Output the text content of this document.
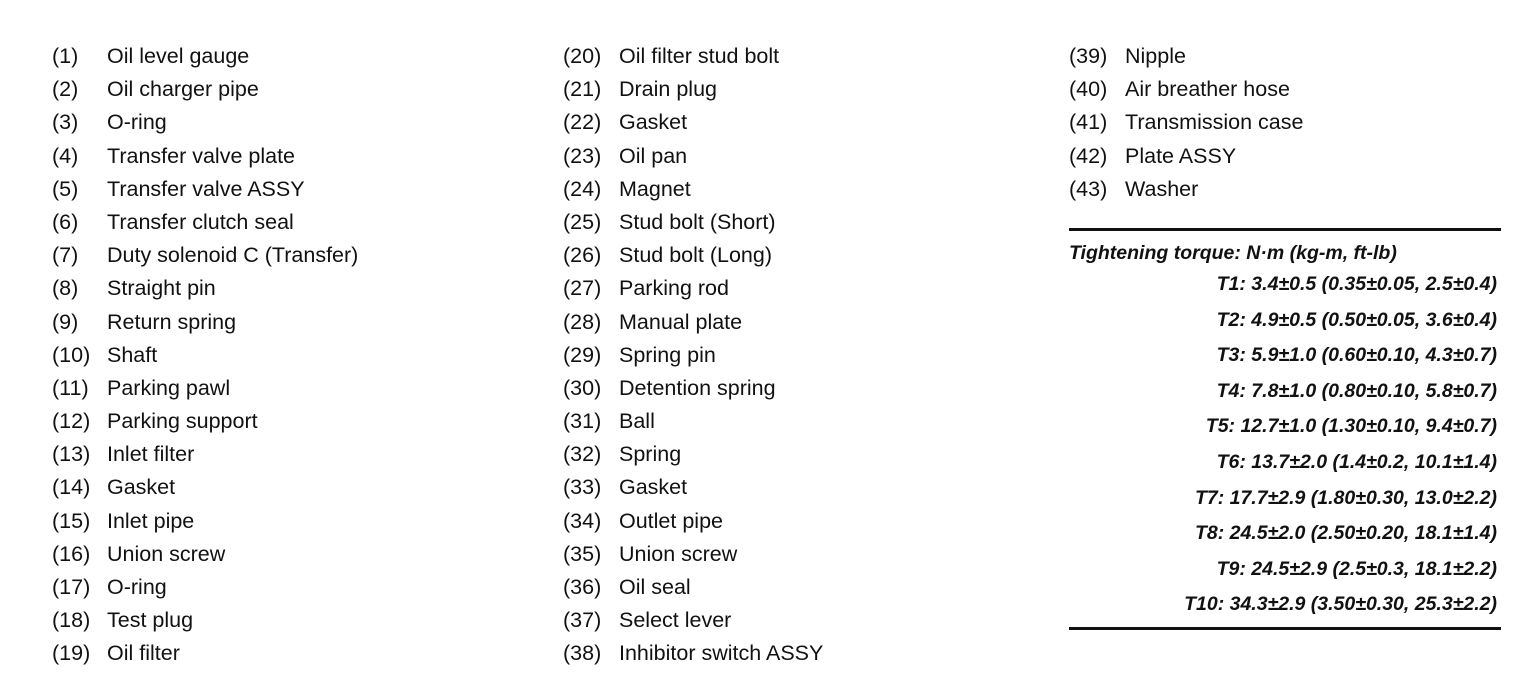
(1)	Oil level gauge
(2)	Oil charger pipe
(3)	O-ring
(4)	Transfer valve plate
(5)	Transfer valve ASSY
(6)	Transfer clutch seal
(7)	Duty solenoid C (Transfer)
(8)	Straight pin
(9)	Return spring
(10) Shaft
(11) Parking pawl
(12) Parking support
(13) Inlet filter
(14) Gasket
(15) Inlet pipe
(16) Union screw
(17) O-ring
(18) Test plug
(19) Oil filter
(20) Oil filter stud bolt
(21) Drain plug
(22) Gasket
(23) Oil pan
(24) Magnet
(25) Stud bolt (Short)
(26) Stud bolt (Long)
(27) Parking rod
(28) Manual plate
(29) Spring pin
(30) Detention spring
(31) Ball
(32) Spring
(33) Gasket
(34) Outlet pipe
(35) Union screw
(36) Oil seal
(37) Select lever
(38) Inhibitor switch ASSY
(39) Nipple
(40) Air breather hose
(41) Transmission case
(42) Plate ASSY
(43) Washer
Tightening torque: N·m (kg-m, ft-lb)
T1: 3.4±0.5 (0.35±0.05, 2.5±0.4)
T2: 4.9±0.5 (0.50±0.05, 3.6±0.4)
T3: 5.9±1.0 (0.60±0.10, 4.3±0.7)
T4: 7.8±1.0 (0.80±0.10, 5.8±0.7)
T5: 12.7±1.0 (1.30±0.10, 9.4±0.7)
T6: 13.7±2.0 (1.4±0.2, 10.1±1.4)
T7: 17.7±2.9 (1.80±0.30, 13.0±2.2)
T8: 24.5±2.0 (2.50±0.20, 18.1±1.4)
T9: 24.5±2.9 (2.5±0.3, 18.1±2.2)
T10: 34.3±2.9 (3.50±0.30, 25.3±2.2)
